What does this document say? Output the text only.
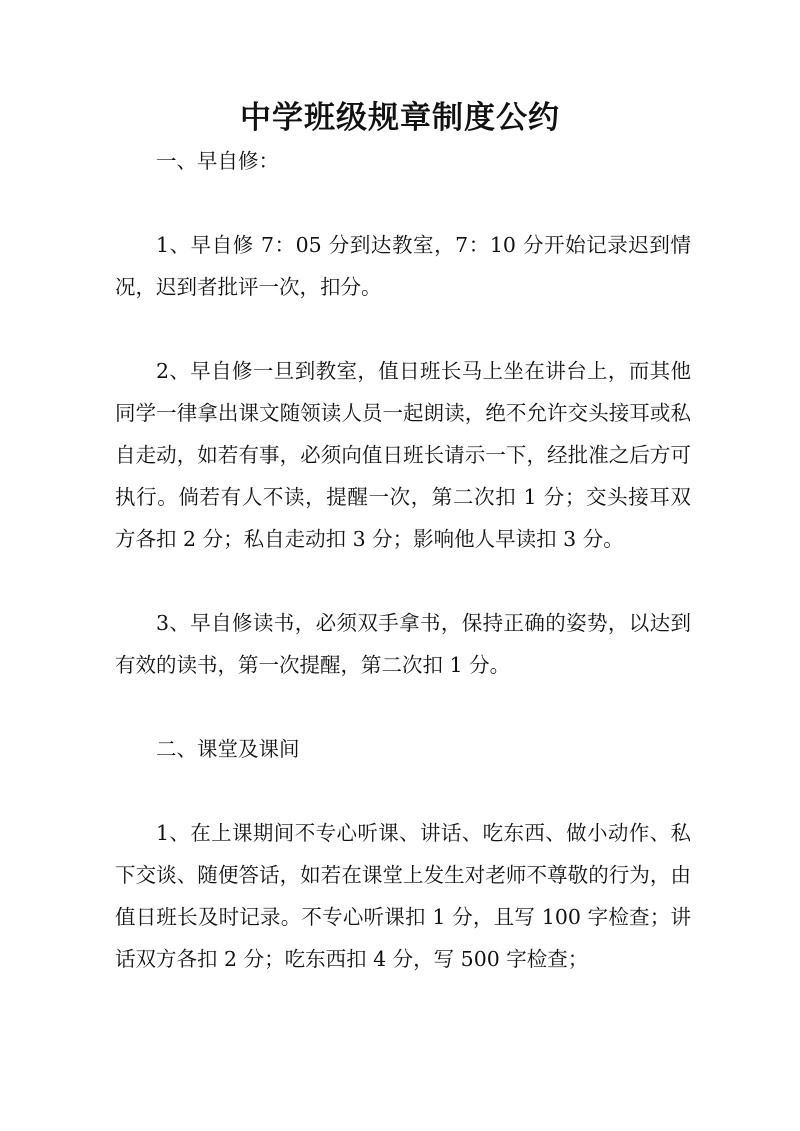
中学班级规章制度公约

一、早自修：

1、早自修 7：05 分到达教室，7：10 分开始记录迟到情况，迟到者批评一次，扣分。

2、早自修一旦到教室，值日班长马上坐在讲台上，而其他同学一律拿出课文随领读人员一起朗读，绝不允许交头接耳或私自走动，如若有事，必须向值日班长请示一下，经批准之后方可执行。倘若有人不读，提醒一次，第二次扣 1 分；交头接耳双方各扣 2 分；私自走动扣 3 分；影响他人早读扣 3 分。

3、早自修读书，必须双手拿书，保持正确的姿势，以达到有效的读书，第一次提醒，第二次扣 1 分。

二、课堂及课间

1、在上课期间不专心听课、讲话、吃东西、做小动作、私下交谈、随便答话，如若在课堂上发生对老师不尊敬的行为，由值日班长及时记录。不专心听课扣 1 分，且写 100 字检查；讲话双方各扣 2 分；吃东西扣 4 分，写 500 字检查；
